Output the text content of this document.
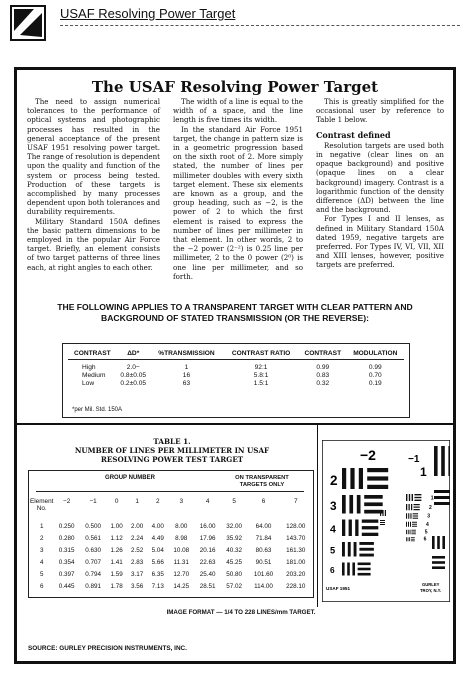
USAF Resolving Power Target
The USAF Resolving Power Target

The need to assign numerical tolerances to the performance of optical systems and photographic processes has resulted in the general acceptance of the present USAF 1951 resolving power target. The range of resolution is dependent upon the quality and function of the system or process being tested. Production of these targets is accomplished by many processes dependent upon both tolerances and durability requirements.

Military Standard 150A defines the basic pattern dimensions to be employed in the popular Air Force target. Briefly, an element consists of two target patterns of three lines each, at right angles to each other.

The width of a line is equal to the width of a space, and the line length is five times its width.

In the standard Air Force 1951 target, the change in pattern size is in a geometric progression based on the sixth root of 2. More simply stated, the number of lines per millimeter doubles with every sixth target element. These six elements are known as a group, and the group heading, such as −2, is the power of 2 to which the first element is raised to express the number of lines per millimeter in that element. In other words, 2 to the −2 power (2⁻²) is 0.25 line per millimeter, 2 to the 0 power (2⁰) is one line per millimeter, and so forth.

This is greatly simplified for the occasional user by reference to Table 1 below.

Contrast defined

Resolution targets are used both in negative (clear lines on an opaque background) and positive (opaque lines on a clear background) imagery. Contrast is a logarithmic function of the density difference (ΔD) between the line and the background.

For Types I and II lenses, as defined in Military Standard 150A dated 1959, negative targets are preferred. For Types IV, VI, VII, XII and XIII lenses, however, positive targets are preferred.

THE FOLLOWING APPLIES TO A TRANSPARENT TARGET WITH CLEAR PATTERN AND
BACKGROUND OF STATED TRANSMISSION (OR THE REVERSE):
CONTRAST	ΔD*	%TRANSMISSION	CONTRAST RATIO	CONTRAST	MODULATION

High	2.0−	1	92:1	0.99	0.99
Medium	0.8±0.05	16	5.8:1	0.83	0.70
Low	0.2±0.05	63	1.5:1	0.32	0.19
*per Mil. Std. 150A
TABLE 1.
NUMBER OF LINES PER MILLIMETER IN USAF
RESOLVING POWER TEST TARGET
GROUP NUMBER	ON TRANSPARENT
TARGETS ONLY
Element
No.	−2	−1	0	1	2	3	4	5	6	7
1	0.250	0.500	1.00	2.00	4.00	8.00	16.00	32.00	64.00	128.00
2	0.280	0.561	1.12	2.24	4.49	8.98	17.96	35.92	71.84	143.70
3	0.315	0.630	1.26	2.52	5.04	10.08	20.16	40.32	80.63	161.30
4	0.354	0.707	1.41	2.83	5.66	11.31	22.63	45.25	90.51	181.00
5	0.397	0.794	1.59	3.17	6.35	12.70	25.40	50.80	101.60	203.20
6	0.445	0.891	1.78	3.56	7.13	14.25	28.51	57.02	114.00	228.10
IMAGE FORMAT — 1/4 TO 228 LINES/mm TARGET.
SOURCE: GURLEY PRECISION INSTRUMENTS, INC.
−2	−1
1
2
3
4
5
6
1
2
3
4
5
6
USAF 1951
GURLEY
TROY, N.Y.
